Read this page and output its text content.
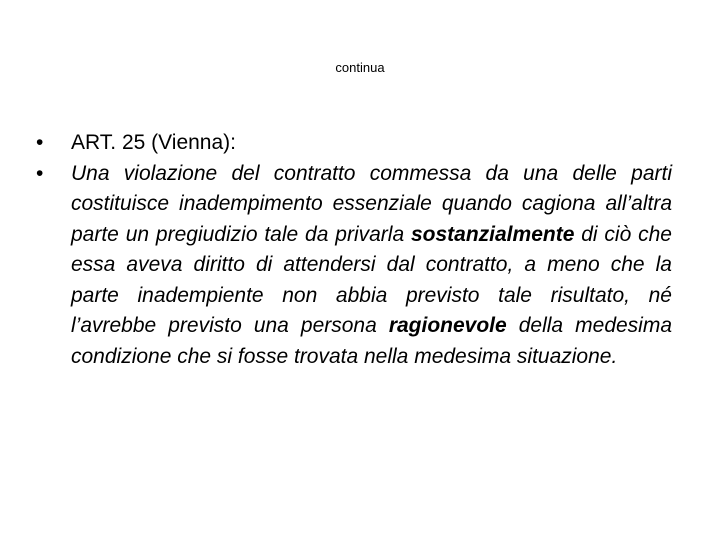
continua
•	ART. 25 (Vienna):
•	Una violazione del contratto commessa da una delle parti costituisce inadempimento essenziale quando cagiona all’altra parte un pregiudizio tale da privarla sostanzialmente di ciò che essa aveva diritto di attendersi dal contratto, a meno che la parte inadempiente non abbia previsto tale risultato, né l’avrebbe previsto una persona ragionevole della medesima condizione che si fosse trovata nella medesima situazione.
